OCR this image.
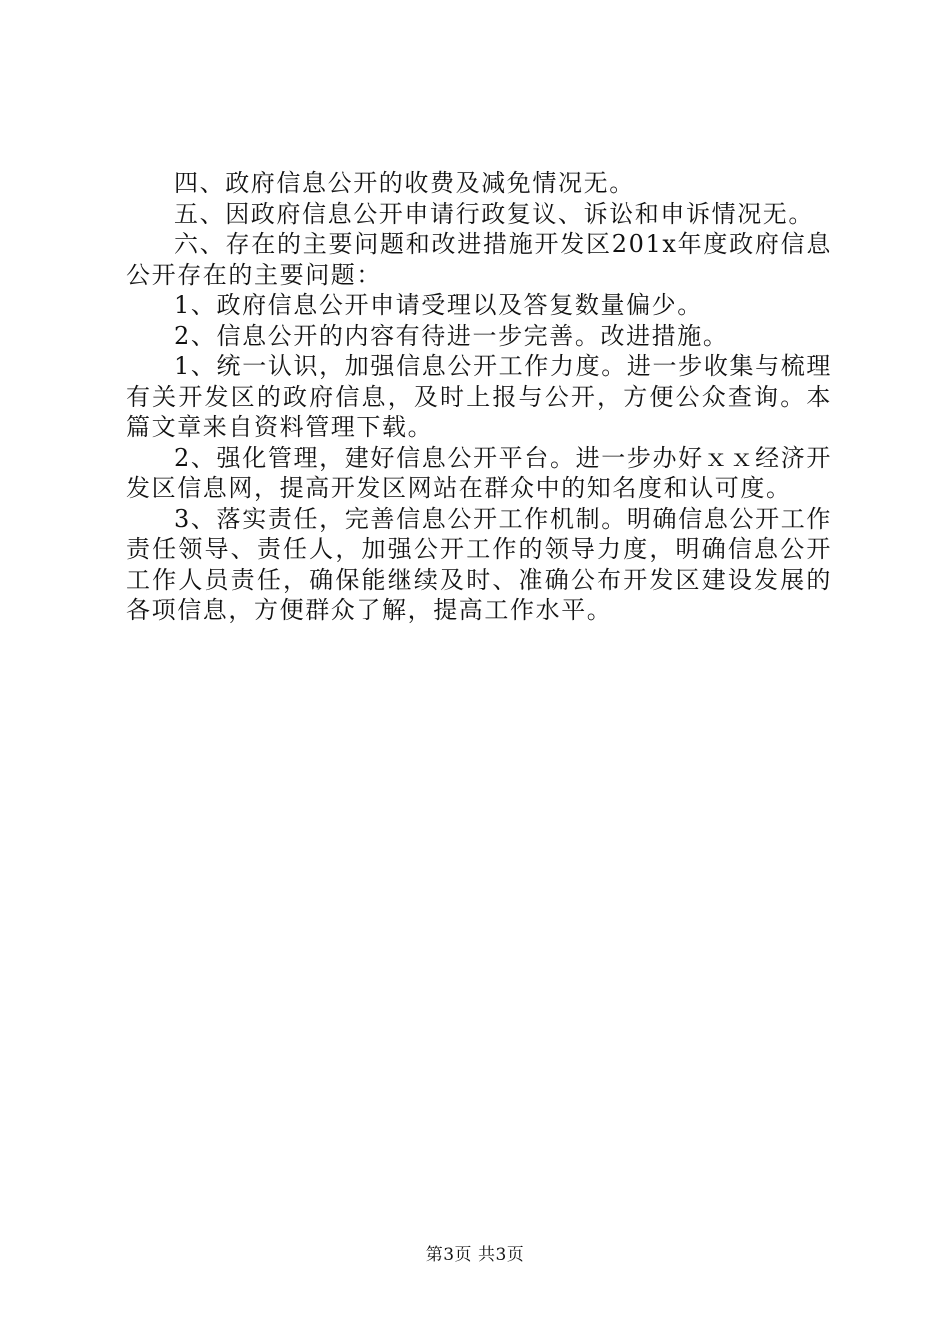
四、政府信息公开的收费及减免情况无。

五、因政府信息公开申请行政复议、诉讼和申诉情况无。

六、存在的主要问题和改进措施开发区201x年度政府信息公开存在的主要问题：

1、政府信息公开申请受理以及答复数量偏少。

2、信息公开的内容有待进一步完善。改进措施。

1、统一认识，加强信息公开工作力度。进一步收集与梳理有关开发区的政府信息，及时上报与公开，方便公众查询。本篇文章来自资料管理下载。

2、强化管理，建好信息公开平台。进一步办好ｘｘ经济开发区信息网，提高开发区网站在群众中的知名度和认可度。

3、落实责任，完善信息公开工作机制。明确信息公开工作责任领导、责任人，加强公开工作的领导力度，明确信息公开工作人员责任，确保能继续及时、准确公布开发区建设发展的各项信息，方便群众了解，提高工作水平。

第3页 共3页
